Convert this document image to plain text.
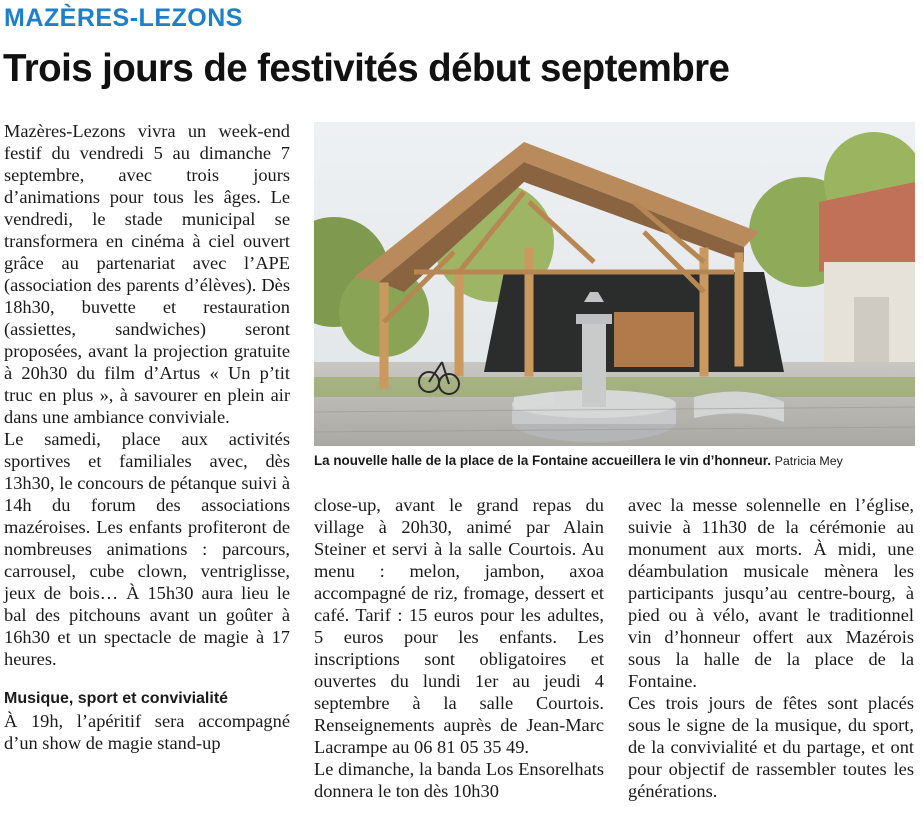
MAZÈRES-LEZONS
Trois jours de festivités début septembre

Mazères-Lezons vivra un week-end festif du vendredi 5 au dimanche 7 septembre, avec trois jours d’animations pour tous les âges. Le vendredi, le stade municipal se transformera en cinéma à ciel ouvert grâce au partenariat avec l’APE (association des parents d’élèves). Dès 18h30, buvette et restauration (assiettes, sandwiches) seront proposées, avant la projection gratuite à 20h30 du film d’Artus « Un p’tit truc en plus », à savourer en plein air dans une ambiance conviviale.

Le samedi, place aux activités sportives et familiales avec, dès 13h30, le concours de pétanque suivi à 14h du forum des associations mazéroises. Les enfants profiteront de nombreuses animations : parcours, carrousel, cube clown, ventriglisse, jeux de bois… À 15h30 aura lieu le bal des pitchouns avant un goûter à 16h30 et un spectacle de magie à 17 heures.

Musique, sport et convivialité

À 19h, l’apéritif sera accompagné d’un show de magie stand-up

La nouvelle halle de la place de la Fontaine accueillera le vin d’honneur. Patricia Mey

close-up, avant le grand repas du village à 20h30, animé par Alain Steiner et servi à la salle Courtois. Au menu : melon, jambon, axoa accompagné de riz, fromage, dessert et café. Tarif : 15 euros pour les adultes, 5 euros pour les enfants. Les inscriptions sont obligatoires et ouvertes du lundi 1er au jeudi 4 septembre à la salle Courtois. Renseignements auprès de Jean-Marc Lacrampe au 06 81 05 35 49.

Le dimanche, la banda Los Ensorelhats donnera le ton dès 10h30

avec la messe solennelle en l’église, suivie à 11h30 de la cérémonie au monument aux morts. À midi, une déambulation musicale mènera les participants jusqu’au centre-bourg, à pied ou à vélo, avant le traditionnel vin d’honneur offert aux Mazérois sous la halle de la place de la Fontaine.

Ces trois jours de fêtes sont placés sous le signe de la musique, du sport, de la convivialité et du partage, et ont pour objectif de rassembler toutes les générations.
